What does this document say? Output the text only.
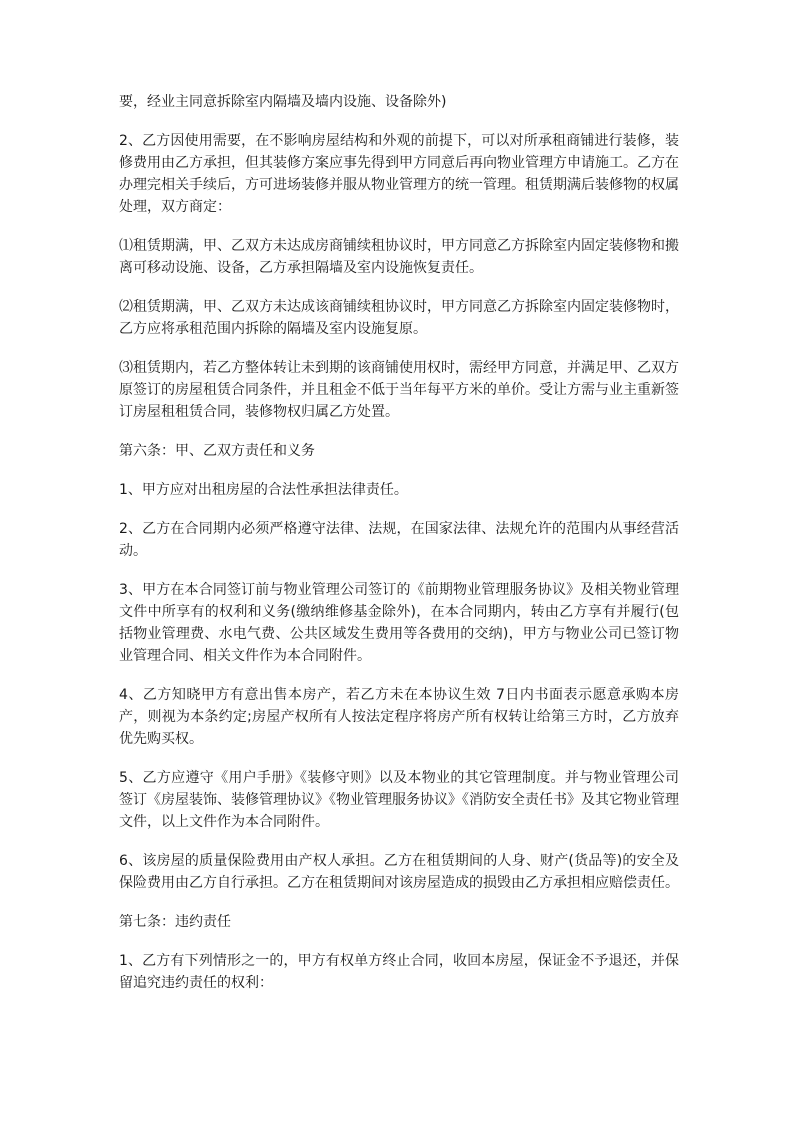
要，经业主同意拆除室内隔墙及墙内设施、设备除外)

2、乙方因使用需要，在不影响房屋结构和外观的前提下，可以对所承租商铺进行装修，装修费用由乙方承担，但其装修方案应事先得到甲方同意后再向物业管理方申请施工。乙方在办理完相关手续后，方可进场装修并服从物业管理方的统一管理。租赁期满后装修物的权属处理，双方商定：

⑴租赁期满，甲、乙双方未达成房商铺续租协议时，甲方同意乙方拆除室内固定装修物和搬离可移动设施、设备，乙方承担隔墙及室内设施恢复责任。

⑵租赁期满，甲、乙双方未达成该商铺续租协议时，甲方同意乙方拆除室内固定装修物时，乙方应将承租范围内拆除的隔墙及室内设施复原。

⑶租赁期内，若乙方整体转让未到期的该商铺使用权时，需经甲方同意，并满足甲、乙双方原签订的房屋租赁合同条件，并且租金不低于当年每平方米的单价。受让方需与业主重新签订房屋租租赁合同，装修物权归属乙方处置。

第六条：甲、乙双方责任和义务

1、甲方应对出租房屋的合法性承担法律责任。

2、乙方在合同期内必须严格遵守法律、法规，在国家法律、法规允许的范围内从事经营活动。

3、甲方在本合同签订前与物业管理公司签订的《前期物业管理服务协议》及相关物业管理文件中所享有的权利和义务(缴纳维修基金除外)，在本合同期内，转由乙方享有并履行(包括物业管理费、水电气费、公共区域发生费用等各费用的交纳)，甲方与物业公司已签订物业管理合同、相关文件作为本合同附件。

4、乙方知晓甲方有意出售本房产，若乙方未在本协议生效 7日内书面表示愿意承购本房产，则视为本条约定;房屋产权所有人按法定程序将房产所有权转让给第三方时，乙方放弃优先购买权。

5、乙方应遵守《用户手册》《装修守则》以及本物业的其它管理制度。并与物业管理公司签订《房屋装饰、装修管理协议》《物业管理服务协议》《消防安全责任书》及其它物业管理文件，以上文件作为本合同附件。

6、该房屋的质量保险费用由产权人承担。乙方在租赁期间的人身、财产(货品等)的安全及保险费用由乙方自行承担。乙方在租赁期间对该房屋造成的损毁由乙方承担相应赔偿责任。

第七条：违约责任

1、乙方有下列情形之一的，甲方有权单方终止合同，收回本房屋，保证金不予退还，并保留追究违约责任的权利：
